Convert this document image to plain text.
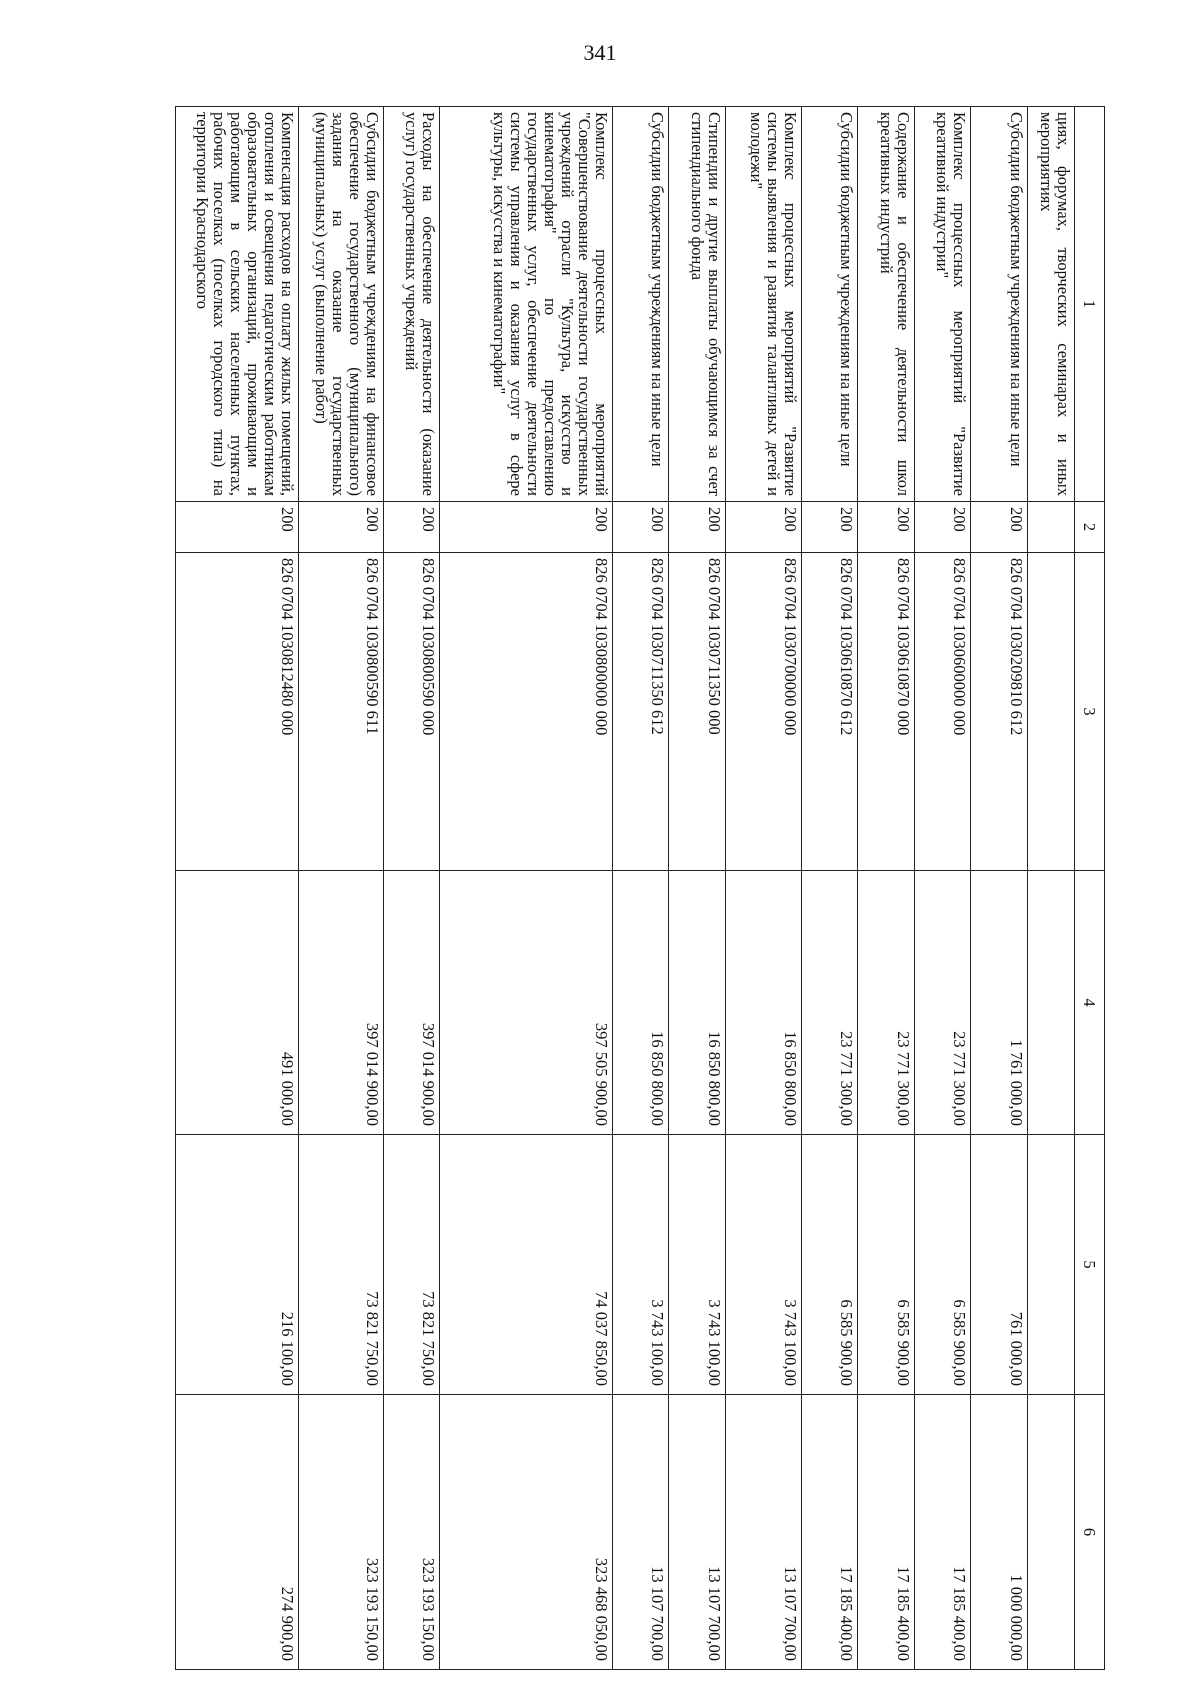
341
1	2	3	4	5	6
циях, форумах, творческих семинарах и иных мероприятиях					
Субсидии бюджетным учреждениям на иные цели	200	826 0704 1030209810 612	1 761 000,00	761 000,00	1 000 000,00
Комплекс процессных мероприятий "Развитие креативной индустрии"	200	826 0704 1030600000 000	23 771 300,00	6 585 900,00	17 185 400,00
Содержание и обеспечение деятельности школ креативных индустрий	200	826 0704 1030610870 000	23 771 300,00	6 585 900,00	17 185 400,00
Субсидии бюджетным учреждениям на иные цели	200	826 0704 1030610870 612	23 771 300,00	6 585 900,00	17 185 400,00
Комплекс процессных мероприятий "Развитие системы выявления и развития талантливых детей и молодежи"	200	826 0704 1030700000 000	16 850 800,00	3 743 100,00	13 107 700,00
Стипендии и другие выплаты обучающимся за счет стипендиального фонда	200	826 0704 1030711350 000	16 850 800,00	3 743 100,00	13 107 700,00
Субсидии бюджетным учреждениям на иные цели	200	826 0704 1030711350 612	16 850 800,00	3 743 100,00	13 107 700,00
Комплекс процессных мероприятий "Совершенствование деятельности государственных учреждений отрасли "Культура, искусство и кинематография" по предоставлению государственных услуг, обеспечение деятельности системы управления и оказания услуг в сфере культуры, искусства и кинематографии"	200	826 0704 1030800000 000	397 505 900,00	74 037 850,00	323 468 050,00
Расходы на обеспечение деятельности (оказание услуг) государственных учреждений	200	826 0704 1030800590 000	397 014 900,00	73 821 750,00	323 193 150,00
Субсидии бюджетным учреждениям на финансовое обеспечение государственного (муниципального) задания на оказание государственных (муниципальных) услуг (выполнение работ)	200	826 0704 1030800590 611	397 014 900,00	73 821 750,00	323 193 150,00
Компенсация расходов на оплату жилых помещений, отопления и освещения педагогическим работникам образовательных организаций, проживающим и работающим в сельских населенных пунктах, рабочих поселках (поселках городского типа) на территории Краснодарского	200	826 0704 1030812480 000	491 000,00	216 100,00	274 900,00
